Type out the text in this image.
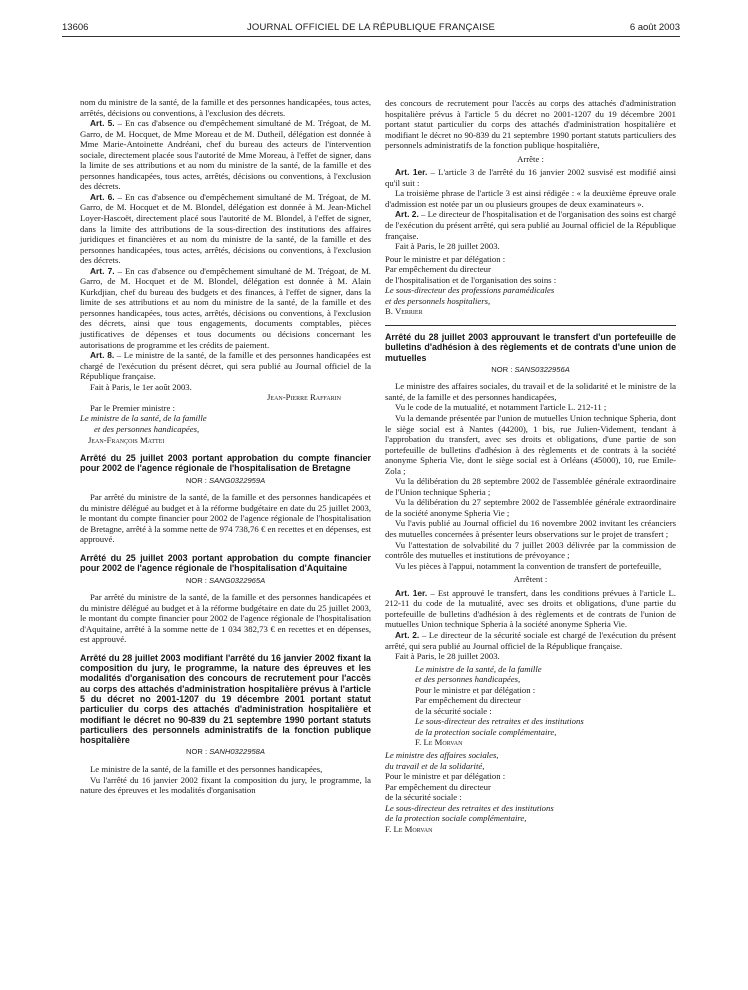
13606	JOURNAL OFFICIEL DE LA RÉPUBLIQUE FRANÇAISE	6 août 2003

nom du ministre de la santé, de la famille et des personnes handicapées, tous actes, arrêtés, décisions ou conventions, à l'exclusion des décrets.

Art. 5. – En cas d'absence ou d'empêchement simultané de M. Trégoat, de M. Garro, de M. Hocquet, de Mme Moreau et de M. Dutheil, délégation est donnée à Mme Marie-Antoinette Andréani, chef du bureau des acteurs de l'intervention sociale, directement placée sous l'autorité de Mme Moreau, à l'effet de signer, dans la limite de ses attributions et au nom du ministre de la santé, de la famille et des personnes handicapées, tous actes, arrêtés, décisions ou conventions, à l'exclusion des décrets.

Art. 6. – En cas d'absence ou d'empêchement simultané de M. Trégoat, de M. Garro, de M. Hocquet et de M. Blondel, délégation est donnée à M. Jean-Michel Loyer-Hascoët, directement placé sous l'autorité de M. Blondel, à l'effet de signer, dans la limite des attributions de la sous-direction des institutions des affaires juridiques et financières et au nom du ministre de la santé, de la famille et des personnes handicapées, tous actes, arrêtés, décisions ou conventions, à l'exclusion des décrets.

Art. 7. – En cas d'absence ou d'empêchement simultané de M. Trégoat, de M. Garro, de M. Hocquet et de M. Blondel, délégation est donnée à M. Alain Kurkdjian, chef du bureau des budgets et des finances, à l'effet de signer, dans la limite de ses attributions et au nom du ministre de la santé, de la famille et des personnes handicapées, tous actes, arrêtés, décisions ou conventions, à l'exclusion des décrets, ainsi que tous engagements, documents comptables, pièces justificatives de dépenses et tous documents ou décisions concernant les autorisations de programme et les crédits de paiement.

Art. 8. – Le ministre de la santé, de la famille et des personnes handicapées est chargé de l'exécution du présent décret, qui sera publié au Journal officiel de la République française.

Fait à Paris, le 1er août 2003.

Jean-Pierre Raffarin

Par le Premier ministre :

Le ministre de la santé, de la famille

et des personnes handicapées,

Jean-François Mattei

Arrêté du 25 juillet 2003 portant approbation du compte financier pour 2002 de l'agence régionale de l'hospitalisation de Bretagne

NOR : SANG0322959A

Par arrêté du ministre de la santé, de la famille et des personnes handicapées et du ministre délégué au budget et à la réforme budgétaire en date du 25 juillet 2003, le montant du compte financier pour 2002 de l'agence régionale de l'hospitalisation de Bretagne, arrêté à la somme nette de 974 738,76 € en recettes et en dépenses, est approuvé.

Arrêté du 25 juillet 2003 portant approbation du compte financier pour 2002 de l'agence régionale de l'hospitalisation d'Aquitaine

NOR : SANG0322965A

Par arrêté du ministre de la santé, de la famille et des personnes handicapées et du ministre délégué au budget et à la réforme budgétaire en date du 25 juillet 2003, le montant du compte financier pour 2002 de l'agence régionale de l'hospitalisation d'Aquitaine, arrêté à la somme nette de 1 034 382,73 € en recettes et en dépenses, est approuvé.

Arrêté du 28 juillet 2003 modifiant l'arrêté du 16 janvier 2002 fixant la composition du jury, le programme, la nature des épreuves et les modalités d'organisation des concours de recrutement pour l'accès au corps des attachés d'administration hospitalière prévus à l'article 5 du décret no 2001-1207 du 19 décembre 2001 portant statut particulier du corps des attachés d'administration hospitalière et modifiant le décret no 90-839 du 21 septembre 1990 portant statuts particuliers des personnels administratifs de la fonction publique hospitalière

NOR : SANH0322958A

Le ministre de la santé, de la famille et des personnes handicapées,

Vu l'arrêté du 16 janvier 2002 fixant la composition du jury, le programme, la nature des épreuves et les modalités d'organisation

des concours de recrutement pour l'accès au corps des attachés d'administration hospitalière prévus à l'article 5 du décret no 2001-1207 du 19 décembre 2001 portant statut particulier du corps des attachés d'administration hospitalière et modifiant le décret no 90-839 du 21 septembre 1990 portant statuts particuliers des personnels administratifs de la fonction publique hospitalière,

Arrête :

Art. 1er. – L'article 3 de l'arrêté du 16 janvier 2002 susvisé est modifié ainsi qu'il suit :

La troisième phrase de l'article 3 est ainsi rédigée : « la deuxième épreuve orale d'admission est notée par un ou plusieurs groupes de deux examinateurs ».

Art. 2. – Le directeur de l'hospitalisation et de l'organisation des soins est chargé de l'exécution du présent arrêté, qui sera publié au Journal officiel de la République française.

Fait à Paris, le 28 juillet 2003.

Pour le ministre et par délégation :

Par empêchement du directeur

de l'hospitalisation et de l'organisation des soins :

Le sous-directeur des professions paramédicales

et des personnels hospitaliers,

B. Verrier

Arrêté du 28 juillet 2003 approuvant le transfert d'un portefeuille de bulletins d'adhésion à des règlements et de contrats d'une union de mutuelles

NOR : SANS0322956A

Le ministre des affaires sociales, du travail et de la solidarité et le ministre de la santé, de la famille et des personnes handicapées,

Vu le code de la mutualité, et notamment l'article L. 212-11 ;

Vu la demande présentée par l'union de mutuelles Union technique Spheria, dont le siège social est à Nantes (44200), 1 bis, rue Julien-Videment, tendant à l'approbation du transfert, avec ses droits et obligations, d'une partie de son portefeuille de bulletins d'adhésion à des règlements et de contrats à la société anonyme Spheria Vie, dont le siège social est à Orléans (45000), 10, rue Emile-Zola ;

Vu la délibération du 28 septembre 2002 de l'assemblée générale extraordinaire de l'Union technique Spheria ;

Vu la délibération du 27 septembre 2002 de l'assemblée générale extraordinaire de la société anonyme Spheria Vie ;

Vu l'avis publié au Journal officiel du 16 novembre 2002 invitant les créanciers des mutuelles concernées à présenter leurs observations sur le projet de transfert ;

Vu l'attestation de solvabilité du 7 juillet 2003 délivrée par la commission de contrôle des mutuelles et institutions de prévoyance ;

Vu les pièces à l'appui, notamment la convention de transfert de portefeuille,

Arrêtent :

Art. 1er. – Est approuvé le transfert, dans les conditions prévues à l'article L. 212-11 du code de la mutualité, avec ses droits et obligations, d'une partie du portefeuille de bulletins d'adhésion à des règlements et de contrats de l'union de mutuelles Union technique Spheria à la société anonyme Spheria Vie.

Art. 2. – Le directeur de la sécurité sociale est chargé de l'exécution du présent arrêté, qui sera publié au Journal officiel de la République française.

Fait à Paris, le 28 juillet 2003.

Le ministre de la santé, de la famille

et des personnes handicapées,

Pour le ministre et par délégation :

Par empêchement du directeur

de la sécurité sociale :

Le sous-directeur des retraites et des institutions

de la protection sociale complémentaire,

F. Le Morvan

Le ministre des affaires sociales,

du travail et de la solidarité,

Pour le ministre et par délégation :

Par empêchement du directeur

de la sécurité sociale :

Le sous-directeur des retraites et des institutions

de la protection sociale complémentaire,

F. Le Morvan
